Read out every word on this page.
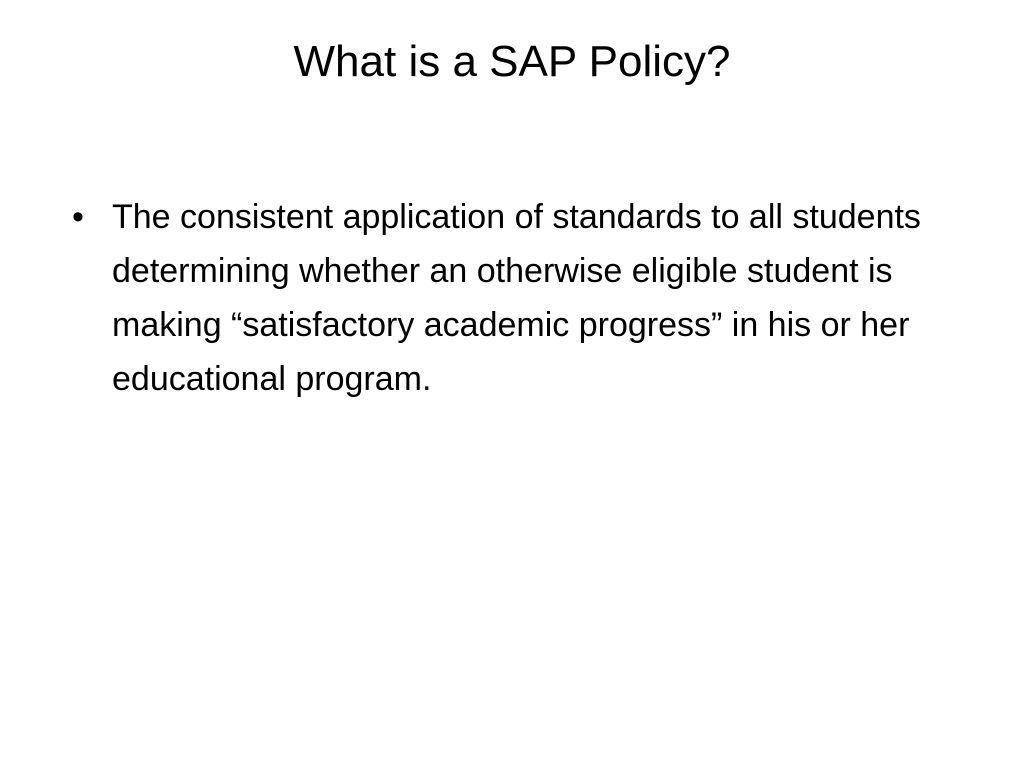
What is a SAP Policy?
• The consistent application of standards to all students determining whether an otherwise eligible student is making “satisfactory academic progress” in his or her educational program.
